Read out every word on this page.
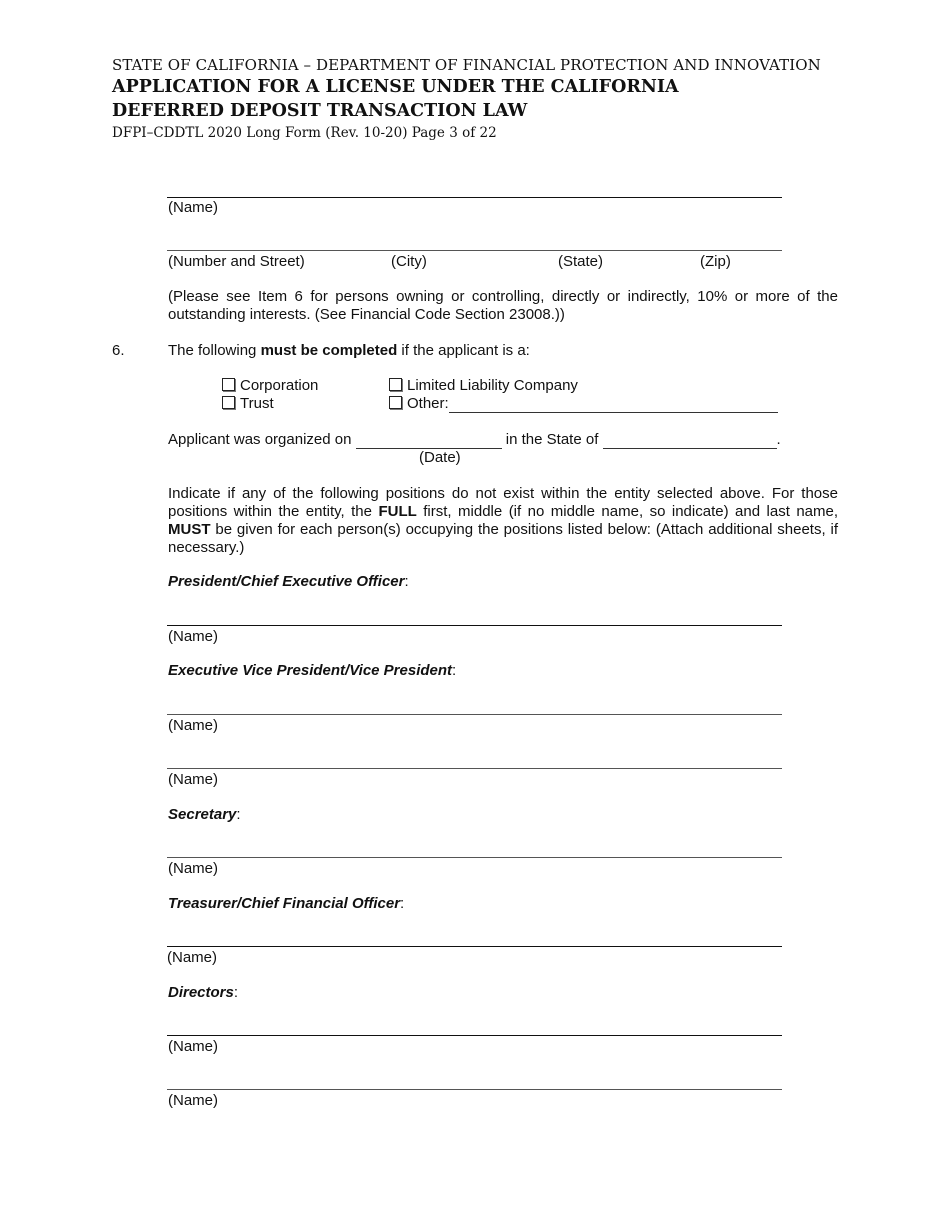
STATE OF CALIFORNIA – DEPARTMENT OF FINANCIAL PROTECTION AND INNOVATION
APPLICATION FOR A LICENSE UNDER THE CALIFORNIA
DEFERRED DEPOSIT TRANSACTION LAW
DFPI–CDDTL 2020 Long Form (Rev. 10-20) Page 3 of 22
(Name)
(Number and Street)	(City)	(State)	(Zip)
(Please see Item 6 for persons owning or controlling, directly or indirectly, 10% or more of the outstanding interests. (See Financial Code Section 23008.))
6.	The following must be completed if the applicant is a:
Corporation
Trust
Limited Liability Company
Other:
Applicant was organized on	in the State of	.
(Date)
Indicate if any of the following positions do not exist within the entity selected above. For those positions within the entity, the FULL first, middle (if no middle name, so indicate) and last name, MUST be given for each person(s) occupying the positions listed below: (Attach additional sheets, if necessary.)
President/Chief Executive Officer:
(Name)
Executive Vice President/Vice President:
(Name)
(Name)
Secretary:
(Name)
Treasurer/Chief Financial Officer:
(Name)
Directors:
(Name)
(Name)
